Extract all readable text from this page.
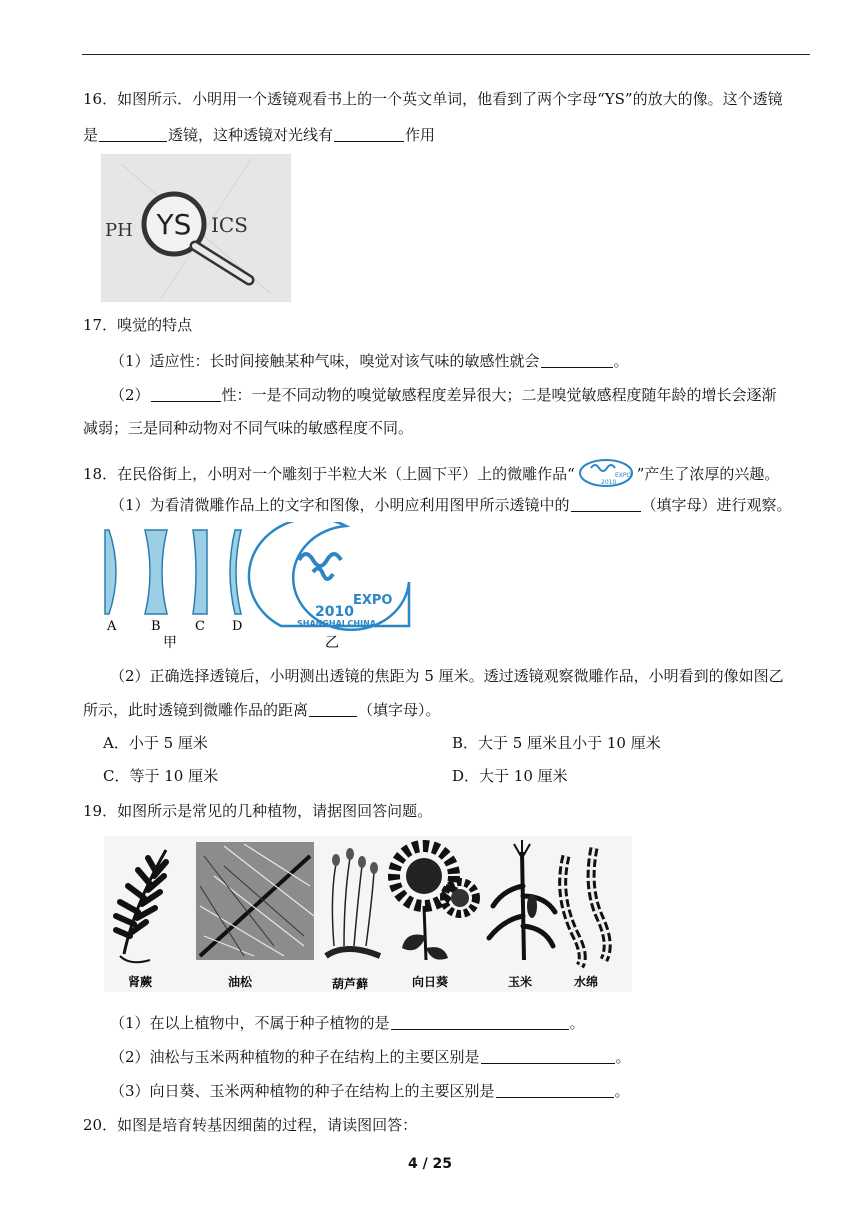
16．如图所示．小明用一个透镜观看书上的一个英文单词，他看到了两个字母“YS”的放大的像。这个透镜
是	透镜，这种透镜对光线有	作用
PH YS ICS
17．嗅觉的特点
（1）适应性：长时间接触某种气味，嗅觉对该气味的敏感性就会	。
（2）	性：一是不同动物的嗅觉敏感程度差异很大；二是嗅觉敏感程度随年龄的增长会逐渐
减弱；三是同种动物对不同气味的敏感程度不同。
18．在民俗街上，小明对一个雕刻于半粒大米（上圆下平）上的微雕作品“	EXPO
2010 ”产生了浓厚的兴趣。
（1）为看清微雕作品上的文字和图像，小明应利用图甲所示透镜中的	（填字母）进行观察。
A	B	C D
甲
EXPO
2010
SHANGHAI CHINA
乙
（2）正确选择透镜后，小明测出透镜的焦距为 5 厘米。透过透镜观察微雕作品，小明看到的像如图乙
所示，此时透镜到微雕作品的距离	（填字母）。
A．小于 5 厘米	B．大于 5 厘米且小于 10 厘米
C．等于 10 厘米	D．大于 10 厘米
19．如图所示是常见的几种植物，请据图回答问题。
肾蕨	油松	葫芦藓	向日葵	玉米	水绵
（1）在以上植物中，不属于种子植物的是	。
（2）油松与玉米两种植物的种子在结构上的主要区别是	。
（3）向日葵、玉米两种植物的种子在结构上的主要区别是	。
20．如图是培育转基因细菌的过程，请读图回答：
4 / 25
